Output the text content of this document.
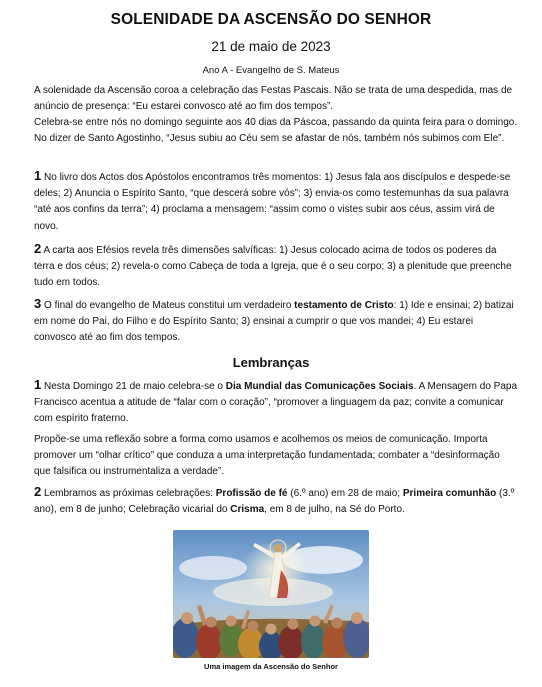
SOLENIDADE DA ASCENSÃO DO SENHOR

21 de maio de 2023

Ano A - Evangelho de S. Mateus

A solenidade da Ascensão coroa a celebração das Festas Pascais. Não se trata de uma despedida, mas de anúncio de presença: “Eu estarei convosco até ao fim dos tempos”.

Celebra-se entre nós no domingo seguinte aos 40 dias da Páscoa, passando da quinta feira para o domingo. No dizer de Santo Agostinho, “Jesus subiu ao Céu sem se afastar de nós, também nós subimos com Ele”.

1 No livro dos Actos dos Apóstolos encontramos três momentos: 1) Jesus fala aos discípulos e despede-se deles; 2) Anuncia o Espírito Santo, “que descerá sobre vós”; 3) envia-os como testemunhas da sua palavra “até aos confins da terra”; 4) proclama a mensagem: “assim como o vistes subir aos céus, assim virá de novo.

2 A carta aos Efésios revela três dimensões salvíficas: 1) Jesus colocado acima de todos os poderes da terra e dos céus; 2) revela-o como Cabeça de toda a Igreja, que é o seu corpo; 3) a plenitude que preenche tudo em todos.

3 O final do evangelho de Mateus constitui um verdadeiro testamento de Cristo: 1) Ide e ensinai; 2) batizai em nome do Pai, do Filho e do Espírito Santo; 3) ensinai a cumprir o que vos mandei; 4) Eu estarei convosco até ao fim dos tempos.

Lembranças

1 Nesta Domingo 21 de maio celebra-se o Dia Mundial das Comunicações Sociais. A Mensagem do Papa Francisco acentua a atitude de “falar com o coração”, “promover a linguagem da paz; convite a comunicar com espírito fraterno.

Propõe-se uma reflexão sobre a forma como usamos e acolhemos os meios de comunicação. Importa promover um “olhar crítico” que conduza a uma interpretação fundamentada; combater a “desinformação que falsifica ou instrumentaliza a verdade”.

2 Lembramos as próximas celebrações: Profissão de fé (6.º ano) em 28 de maio; Primeira comunhão (3.º ano), em 8 de junho; Celebração vicarial do Crisma, em 8 de julho, na Sé do Porto.

Uma imagem da Ascensão do Senhor
